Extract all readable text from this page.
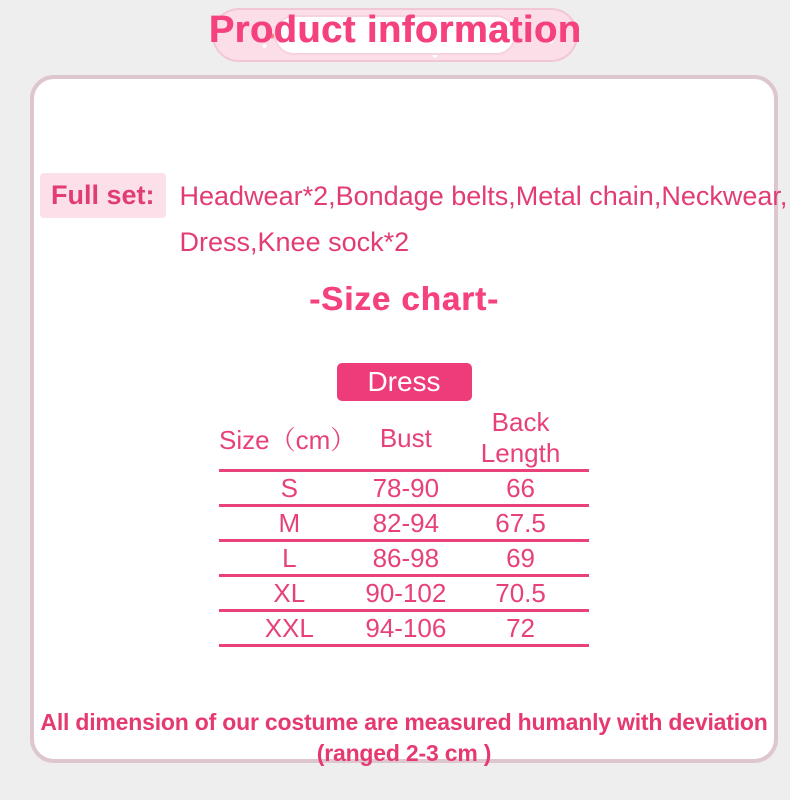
Product information
Full set: Headwear*2,Bondage belts,Metal chain,Neckwear,
Dress,Knee sock*2
-Size chart-
Dress
Size（cm）	Bust	Back Length
S	78-90	66
M	82-94	67.5
L	86-98	69
XL	90-102	70.5
XXL	94-106	72
All dimension of our costume are measured humanly with deviation
(ranged 2-3 cm )
